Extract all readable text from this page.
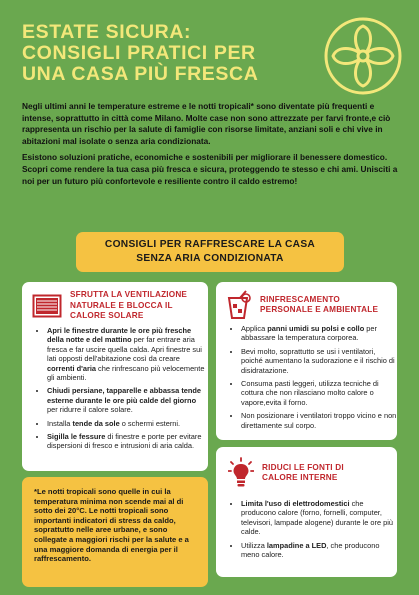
ESTATE SICURA:
CONSIGLI PRATICI PER
UNA CASA PIÙ FRESCA

Negli ultimi anni le temperature estreme e le notti tropicali* sono diventate più frequenti e intense, soprattutto in città come Milano. Molte case non sono attrezzate per farvi fronte,e ciò rappresenta un rischio per la salute di famiglie con risorse limitate, anziani soli e chi vive in abitazioni mal isolate o senza aria condizionata.

Esistono soluzioni pratiche, economiche e sostenibili per migliorare il benessere domestico. Scopri come rendere la tua casa più fresca e sicura, proteggendo te stesso e chi ami. Unisciti a noi per un futuro più confortevole e resiliente contro il caldo estremo!

CONSIGLI PER RAFFRESCARE LA CASA
SENZA ARIA CONDIZIONATA
SFRUTTA LA VENTILAZIONE
NATURALE E BLOCCA IL
CALORE SOLARE
• Apri le finestre durante le ore più fresche della notte e del mattino per far entrare aria fresca e far uscire quella calda. Apri finestre sui lati opposti dell'abitazione così da creare correnti d'aria che rinfrescano più velocemente gli ambienti.
• Chiudi persiane, tapparelle e abbassa tende esterne durante le ore più calde del giorno per ridurre il calore solare.
• Installa tende da sole o schermi esterni.
• Sigilla le fessure di finestre e porte per evitare dispersioni di fresco e intrusioni di aria calda.
RINFRESCAMENTO
PERSONALE E AMBIENTALE
• Applica panni umidi su polsi e collo per abbassare la temperatura corporea.
• Bevi molto, soprattutto se usi i ventilatori, poiché aumentano la sudorazione e il rischio di disidratazione.
• Consuma pasti leggeri, utilizza tecniche di cottura che non rilasciano molto calore o vapore,evita il forno.
• Non posizionare i ventilatori troppo vicino e non direttamente sul corpo.
RIDUCI LE FONTI DI
CALORE INTERNE
• Limita l'uso di elettrodomestici che producono calore (forno, fornelli, computer, televisori, lampade alogene) durante le ore più calde.
• Utilizza lampadine a LED, che producono meno calore.
*Le notti tropicali sono quelle in cui la temperatura minima non scende mai al di sotto dei 20°C. Le notti tropicali sono importanti indicatori di stress da caldo, soprattutto nelle aree urbane, e sono collegate a maggiori rischi per la salute e a una maggiore domanda di energia per il raffrescamento.
